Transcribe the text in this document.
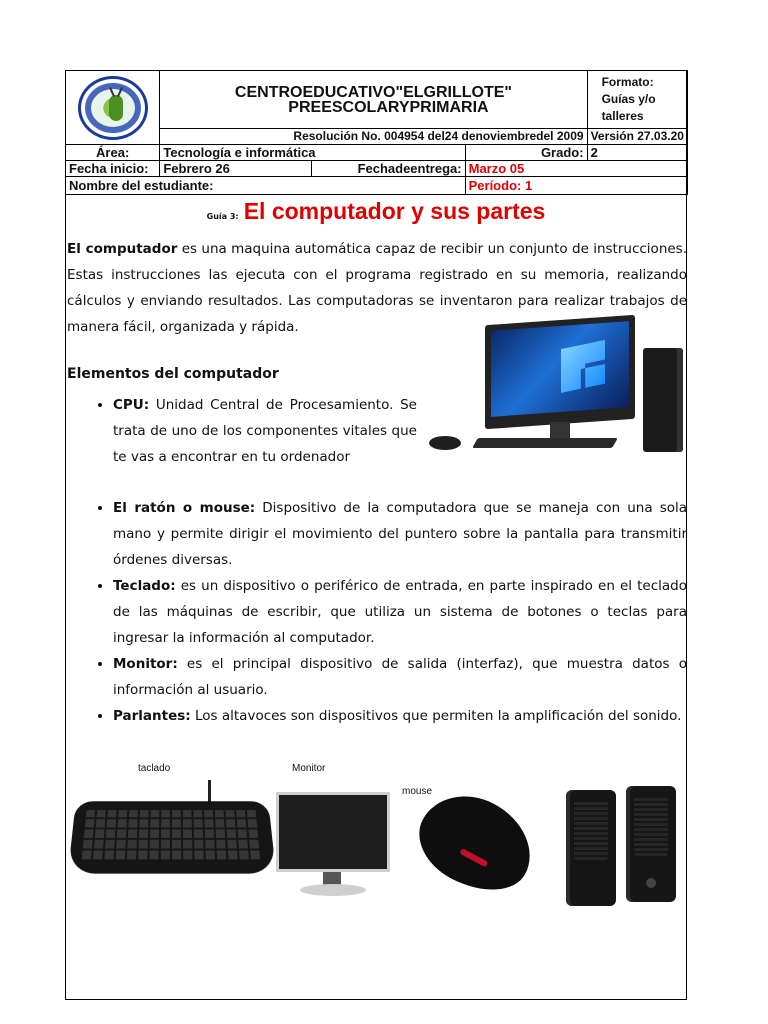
	CENTROEDUCATIVO"ELGRILLOTE"
PREESCOLARYPRIMARIA			Formato: Guías y/o talleres
	Resolución No. 004954 del24 denoviembredel 2009			Versión 27.03.20
Área:	Tecnología e informática		Grado:	2
Fecha inicio:	Febrero 26	Fechadeentrega:	Marzo 05	
Nombre del estudiante:			Período: 1	
Guía 3: El computador y sus partes
El computador es una maquina automática capaz de recibir un conjunto de instrucciones. Estas instrucciones las ejecuta con el programa registrado en su memoria, realizando cálculos y enviando resultados. Las computadoras se inventaron para realizar trabajos de manera fácil, organizada y rápida.
Elementos del computador
• CPU: Unidad Central de Procesamiento. Se trata de uno de los componentes vitales que te vas a encontrar en tu ordenador
• El ratón o mouse: Dispositivo de la computadora que se maneja con una sola mano y permite dirigir el movimiento del puntero sobre la pantalla para transmitir órdenes diversas.
• Teclado: es un dispositivo o periférico de entrada, en parte inspirado en el teclado de las máquinas de escribir, que utiliza un sistema de botones o teclas para ingresar la información al computador.
• Monitor: es el principal dispositivo de salida (interfaz), que muestra datos o información al usuario.
• Parlantes: Los altavoces son dispositivos que permiten la amplificación del sonido.
taclado	Monitor
mouse
